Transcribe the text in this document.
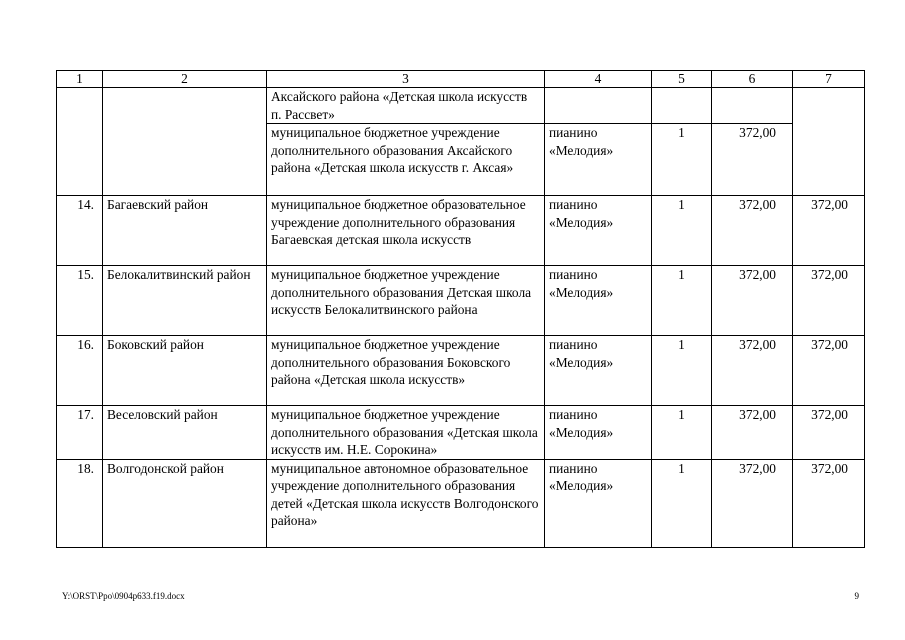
1	2	3	4	5	6	7
		Аксайского района «Детская школа искусств п. Рассвет»				
		муниципальное бюджетное учреждение дополнительного образования Аксайского района «Детская школа искусств г. Аксая»	пианино «Мелодия»	1	372,00	
14.	Багаевский район	муниципальное бюджетное образовательное учреждение дополнительного образования Багаевская детская школа искусств	пианино «Мелодия»	1	372,00	372,00
15.	Белокалитвинский район	муниципальное бюджетное учреждение дополнительного образования Детская школа искусств Белокалитвинского района	пианино «Мелодия»	1	372,00	372,00
16.	Боковский район	муниципальное бюджетное учреждение дополнительного образования Боковского района «Детская школа искусств»	пианино «Мелодия»	1	372,00	372,00
17.	Веселовский район	муниципальное бюджетное учреждение дополнительного образования «Детская школа искусств им. Н.Е. Сорокина»	пианино «Мелодия»	1	372,00	372,00
18.	Волгодонской район	муниципальное автономное образовательное учреждение дополнительного образования детей «Детская школа искусств Волгодонского района»	пианино «Мелодия»	1	372,00	372,00
Y:\ORST\Ppo\0904p633.f19.docx	9
